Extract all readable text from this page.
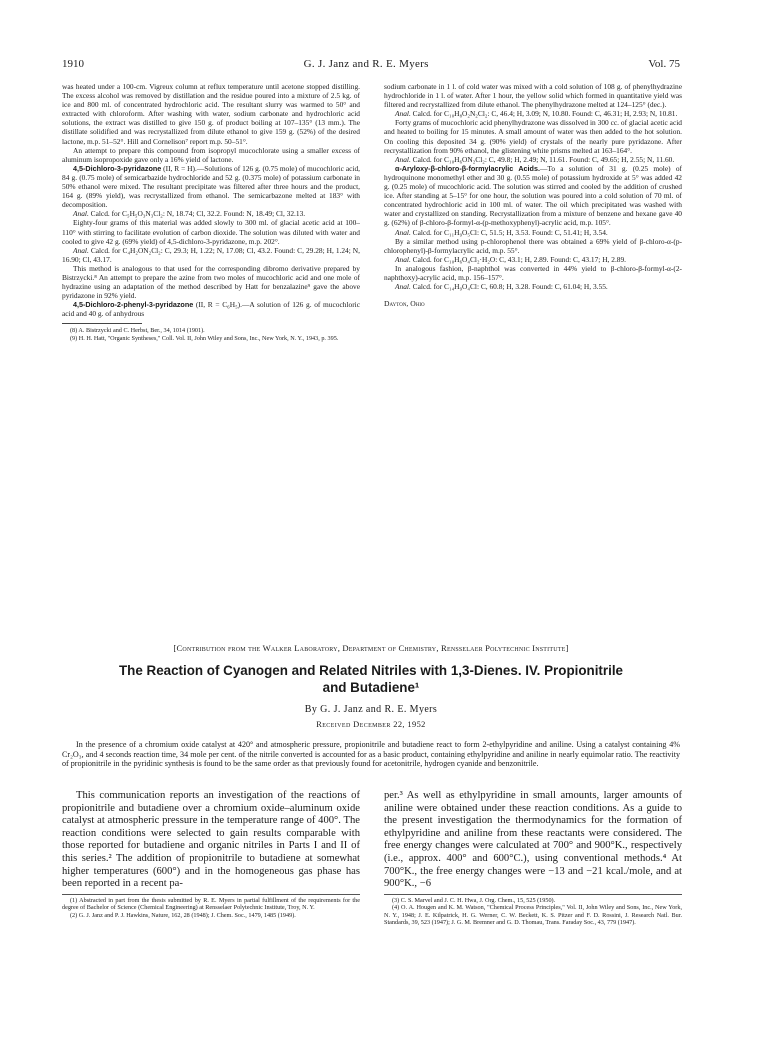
1910	G. J. Janz and R. E. Myers	Vol. 75

was heated under a 100-cm. Vigreux column at reflux temperature until acetone stopped distilling. The excess alcohol was removed by distillation and the residue poured into a mixture of 2.5 kg. of ice and 800 ml. of concentrated hydrochloric acid. The resultant slurry was warmed to 50° and extracted with chloroform. After washing with water, sodium carbonate and hydrochloric acid solutions, the extract was distilled to give 150 g. of product boiling at 107–135° (13 mm.). The distillate solidified and was recrystallized from dilute ethanol to give 159 g. (52%) of the desired lactone, m.p. 51–52°. Hill and Cornelison⁷ report m.p. 50–51°.

An attempt to prepare this compound from isopropyl mucochlorate using a smaller excess of aluminum isopropoxide gave only a 16% yield of lactone.

4,5-Dichloro-3-pyridazone (II, R = H).—Solutions of 126 g. (0.75 mole) of mucochloric acid, 84 g. (0.75 mole) of semicarbazide hydrochloride and 52 g. (0.375 mole) of potassium carbonate in 50% ethanol were mixed. The resultant precipitate was filtered after three hours and the product, 164 g. (89% yield), was recrystallized from ethanol. The semicarbazone melted at 183° with decomposition.

Anal. Calcd. for C₅H₅O₃N₃Cl₂: N, 18.74; Cl, 32.2. Found: N, 18.49; Cl, 32.13.

Eighty-four grams of this material was added slowly to 300 ml. of glacial acetic acid at 100–110° with stirring to facilitate evolution of carbon dioxide. The solution was diluted with water and cooled to give 42 g. (69% yield) of 4,5-dichloro-3-pyridazone, m.p. 202°.

Anal. Calcd. for C₄H₂ON₂Cl₂: C, 29.3; H, 1.22; N, 17.08; Cl, 43.2. Found: C, 29.28; H, 1.24; N, 16.90; Cl, 43.17.

This method is analogous to that used for the corresponding dibromo derivative prepared by Bistrzycki.⁸ An attempt to prepare the azine from two moles of mucochloric acid and one mole of hydrazine using an adaptation of the method described by Hatt for benzalazine⁹ gave the above pyridazone in 92% yield.

4,5-Dichloro-2-phenyl-3-pyridazone (II, R = C₆H₅).—A solution of 126 g. of mucochloric acid and 40 g. of anhydrous

(8) A. Bistrzycki and C. Herbst, Ber., 34, 1014 (1901).

(9) H. H. Hatt, "Organic Syntheses," Coll. Vol. II, John Wiley and Sons, Inc., New York, N. Y., 1943, p. 395.

sodium carbonate in 1 l. of cold water was mixed with a cold solution of 108 g. of phenylhydrazine hydrochloride in 1 l. of water. After 1 hour, the yellow solid which formed in quantitative yield was filtered and recrystallized from dilute ethanol. The phenylhydrazone melted at 124–125° (dec.).

Anal. Calcd. for C₁₀H₈O₂N₂Cl₂: C, 46.4; H, 3.09; N, 10.80. Found: C, 46.31; H, 2.93; N, 10.81.

Forty grams of mucochloric acid phenylhydrazone was dissolved in 300 cc. of glacial acetic acid and heated to boiling for 15 minutes. A small amount of water was then added to the hot solution. On cooling this deposited 34 g. (90% yield) of crystals of the nearly pure pyridazone. After recrystallization from 90% ethanol, the glistening white prisms melted at 163–164°.

Anal. Calcd. for C₁₀H₆ON₂Cl₂: C, 49.8; H, 2.49; N, 11.61. Found: C, 49.65; H, 2.55; N, 11.60.

α-Aryloxy-β-chloro-β-formylacrylic Acids.—To a solution of 31 g. (0.25 mole) of hydroquinone monomethyl ether and 30 g. (0.55 mole) of potassium hydroxide at 5° was added 42 g. (0.25 mole) of mucochloric acid. The solution was stirred and cooled by the addition of crushed ice. After standing at 5–15° for one hour, the solution was poured into a cold solution of 70 ml. of concentrated hydrochloric acid in 100 ml. of water. The oil which precipitated was washed with water and crystallized on standing. Recrystallization from a mixture of benzene and hexane gave 40 g. (62%) of β-chloro-β-formyl-α-(p-methoxyphenyl)-acrylic acid, m.p. 105°.

Anal. Calcd. for C₁₁H₉O₅Cl: C, 51.5; H, 3.53. Found: C, 51.41; H, 3.54.

By a similar method using p-chlorophenol there was obtained a 69% yield of β-chloro-α-(p-chlorophenyl)-β-formylacrylic acid, m.p. 55°.

Anal. Calcd. for C₁₀H₆O₄Cl₂·H₂O: C, 43.1; H, 2.89. Found: C, 43.17; H, 2.89.

In analogous fashion, β-naphthol was converted in 44% yield to β-chloro-β-formyl-α-(2-naphthoxy)-acrylic acid, m.p. 156–157°.

Anal. Calcd. for C₁₄H₉O₄Cl: C, 60.8; H, 3.28. Found: C, 61.04; H, 3.55.

Dayton, Ohio
[Contribution from the Walker Laboratory, Department of Chemistry, Rensselaer Polytechnic Institute]
The Reaction of Cyanogen and Related Nitriles with 1,3-Dienes. IV. Propionitrile
and Butadiene¹
By G. J. Janz and R. E. Myers
Received December 22, 1952

In the presence of a chromium oxide catalyst at 420° and atmospheric pressure, propionitrile and butadiene react to form 2-ethylpyridine and aniline. Using a catalyst containing 4% Cr₂O₃, and 4 seconds reaction time, 34 mole per cent. of the nitrile converted is accounted for as a basic product, containing ethylpyridine and aniline in nearly equimolar ratio. The reactivity of propionitrile in the pyridinic synthesis is found to be the same order as that previously found for acetonitrile, hydrogen cyanide and benzonitrile.

This communication reports an investigation of the reactions of propionitrile and butadiene over a chromium oxide–aluminum oxide catalyst at atmospheric pressure in the temperature range of 400°. The reaction conditions were selected to gain results comparable with those reported for butadiene and organic nitriles in Parts I and II of this series.² The addition of propionitrile to butadiene at somewhat higher temperatures (600°) and in the homogeneous gas phase has been reported in a recent pa-

(1) Abstracted in part from the thesis submitted by R. E. Myers in partial fulfillment of the requirements for the degree of Bachelor of Science (Chemical Engineering) at Rensselaer Polytechnic Institute, Troy, N. Y.

(2) G. J. Janz and P. J. Hawkins, Nature, 162, 28 (1948); J. Chem. Soc., 1479, 1485 (1949).

per.³ As well as ethylpyridine in small amounts, larger amounts of aniline were obtained under these reaction conditions. As a guide to the present investigation the thermodynamics for the formation of ethylpyridine and aniline from these reactants were considered. The free energy changes were calculated at 700° and 900°K., respectively (i.e., approx. 400° and 600°C.), using conventional methods.⁴ At 700°K., the free energy changes were −13 and −21 kcal./mole, and at 900°K., −6

(3) C. S. Marvel and J. C. H. Hwa, J. Org. Chem., 15, 525 (1950).

(4) O. A. Hougen and K. M. Watson, "Chemical Process Principles," Vol. II, John Wiley and Sons, Inc., New York, N. Y., 1948; J. E. Kilpatrick, H. G. Werner, C. W. Beckett, K. S. Pitzer and F. D. Rossini, J. Research Natl. Bur. Standards, 39, 523 (1947); J. G. M. Bremner and G. D. Thomau, Trans. Faraday Soc., 43, 779 (1947).
